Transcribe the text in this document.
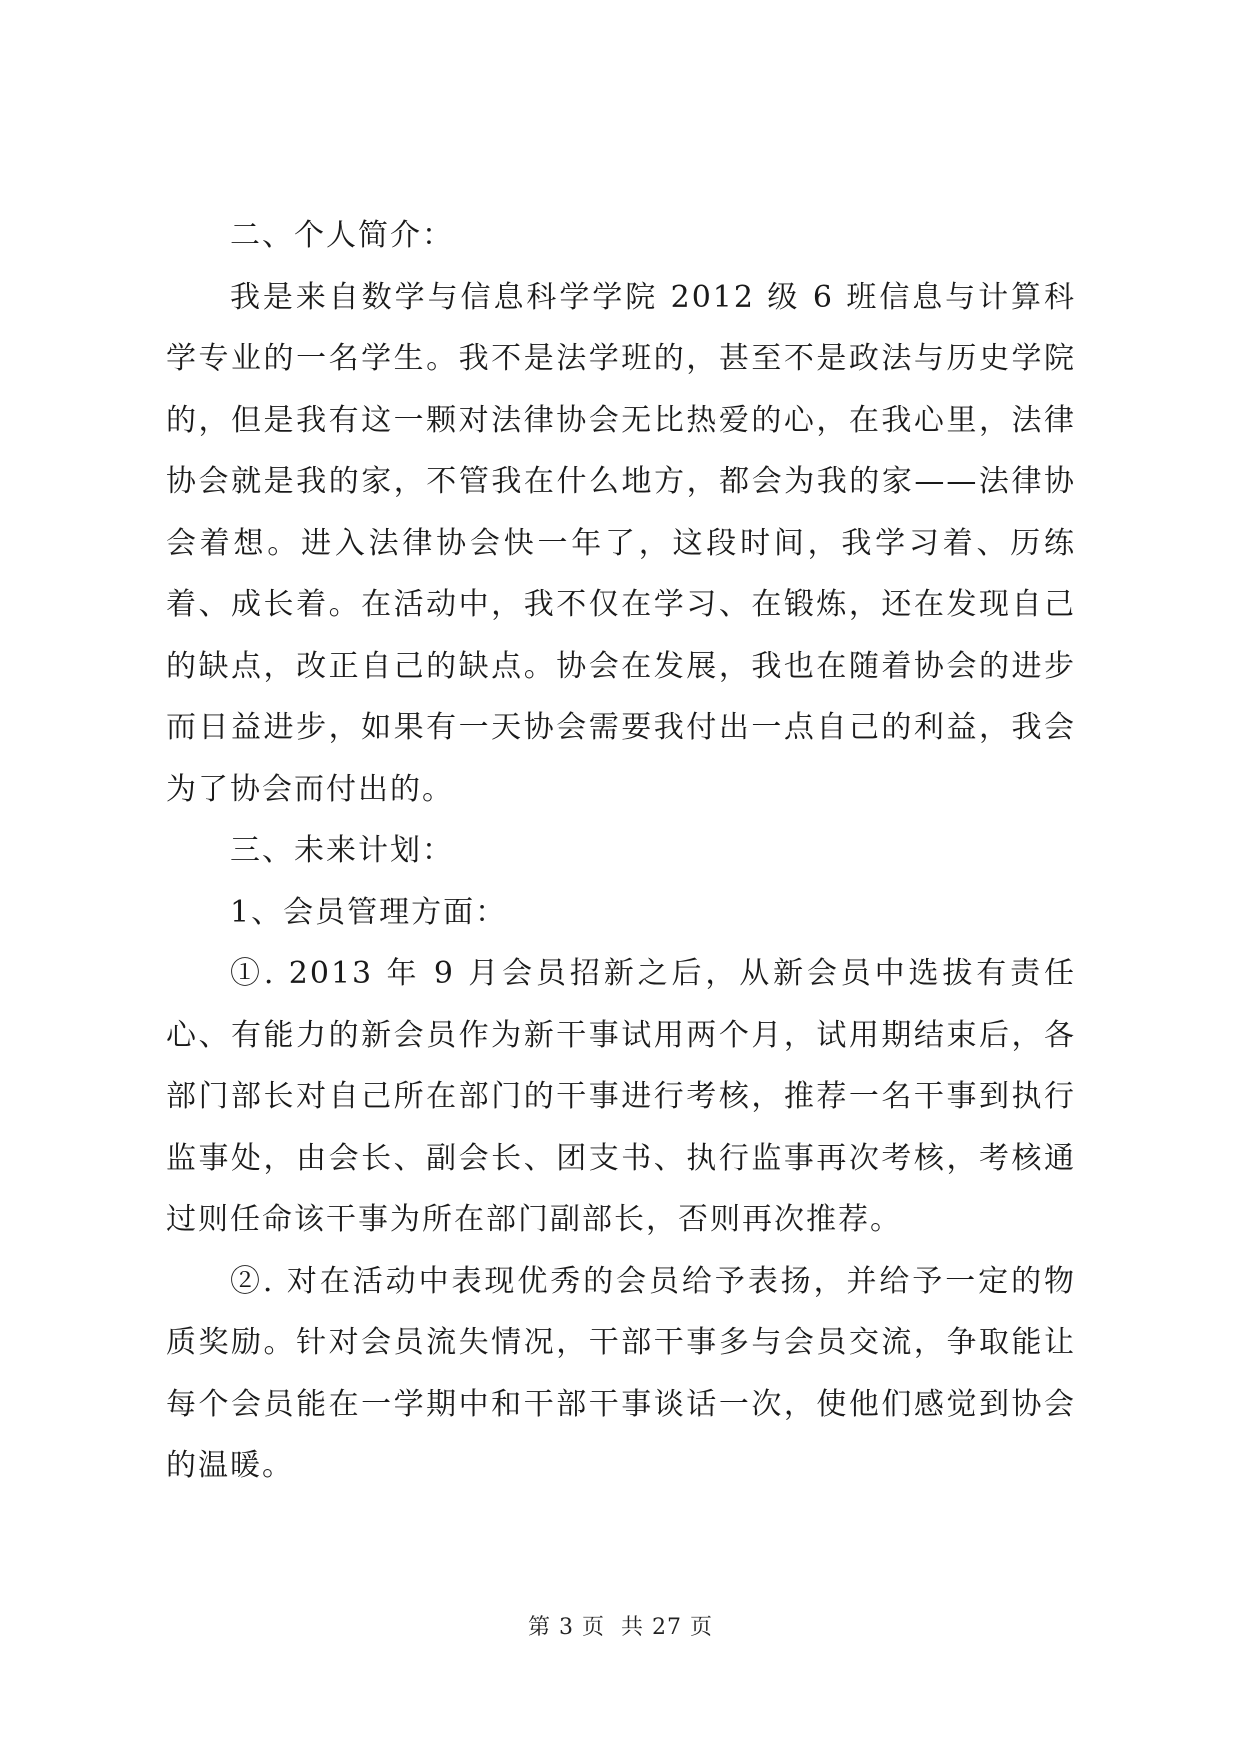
二、个人简介：

我是来自数学与信息科学学院 2012 级 6 班信息与计算科学专业的一名学生。我不是法学班的，甚至不是政法与历史学院的，但是我有这一颗对法律协会无比热爱的心，在我心里，法律协会就是我的家，不管我在什么地方，都会为我的家——法律协会着想。进入法律协会快一年了，这段时间，我学习着、历练着、成长着。在活动中，我不仅在学习、在锻炼，还在发现自己的缺点，改正自己的缺点。协会在发展，我也在随着协会的进步而日益进步，如果有一天协会需要我付出一点自己的利益，我会为了协会而付出的。

三、未来计划：

1、会员管理方面：

①. 2013 年 9 月会员招新之后，从新会员中选拔有责任心、有能力的新会员作为新干事试用两个月，试用期结束后，各部门部长对自己所在部门的干事进行考核，推荐一名干事到执行监事处，由会长、副会长、团支书、执行监事再次考核，考核通过则任命该干事为所在部门副部长，否则再次推荐。

②. 对在活动中表现优秀的会员给予表扬，并给予一定的物质奖励。针对会员流失情况，干部干事多与会员交流，争取能让每个会员能在一学期中和干部干事谈话一次，使他们感觉到协会的温暖。

第 3 页  共 27 页
